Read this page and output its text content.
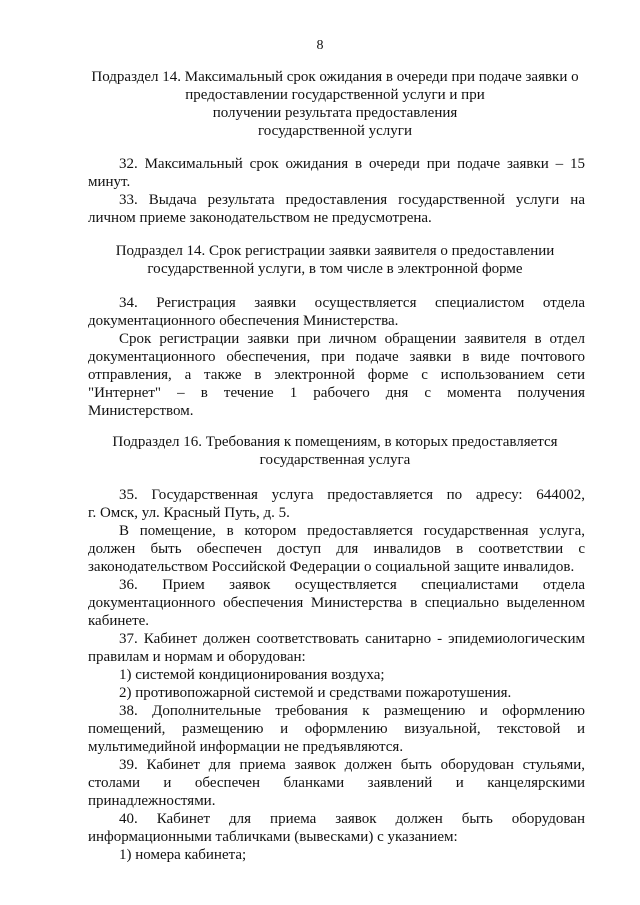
8
Подраздел 14. Максимальный срок ожидания в очереди при подаче заявки о
предоставлении государственной услуги и при
получении результата предоставления
государственной услуги
32. Максимальный срок ожидания в очереди при подаче заявки – 15
минут.
33. Выдача результата предоставления государственной услуги на
личном приеме законодательством не предусмотрена.
Подраздел 14. Срок регистрации заявки заявителя о предоставлении
государственной услуги, в том числе в электронной форме
34. Регистрация заявки осуществляется специалистом отдела
документационного обеспечения Министерства.
Срок регистрации заявки при личном обращении заявителя в отдел
документационного обеспечения, при подаче заявки в виде почтового
отправления, а также в электронной форме с использованием сети
"Интернет" – в течение 1 рабочего дня с момента получения
Министерством.
Подраздел 16. Требования к помещениям, в которых предоставляется
государственная услуга
35. Государственная услуга предоставляется по адресу: 644002,
г. Омск, ул. Красный Путь, д. 5.
В помещение, в котором предоставляется государственная услуга,
должен быть обеспечен доступ для инвалидов в соответствии с
законодательством Российской Федерации о социальной защите инвалидов.
36. Прием заявок осуществляется специалистами отдела
документационного обеспечения Министерства в специально выделенном
кабинете.
37. Кабинет должен соответствовать санитарно - эпидемиологическим
правилам и нормам и оборудован:
1) системой кондиционирования воздуха;
2) противопожарной системой и средствами пожаротушения.
38. Дополнительные требования к размещению и оформлению
помещений, размещению и оформлению визуальной, текстовой и
мультимедийной информации не предъявляются.
39. Кабинет для приема заявок должен быть оборудован стульями,
столами и обеспечен бланками заявлений и канцелярскими
принадлежностями.
40. Кабинет для приема заявок должен быть оборудован
информационными табличками (вывесками) с указанием:
1) номера кабинета;
